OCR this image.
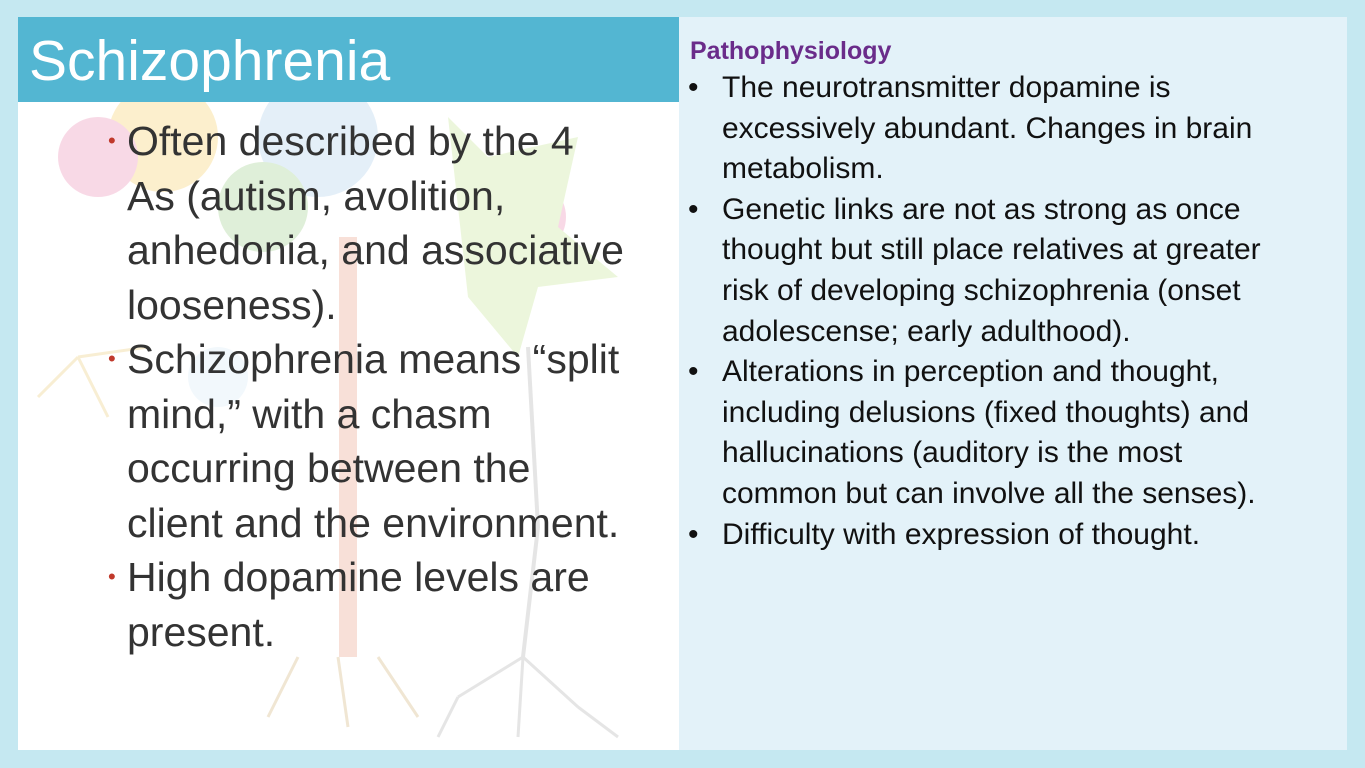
Schizophrenia
• Often described by the 4
As (autism, avolition,
anhedonia, and associative
looseness).
• Schizophrenia means “split
mind,” with a chasm
occurring between the
client and the environment.
• High dopamine levels are
present.
Pathophysiology
• The neurotransmitter dopamine is
excessively abundant. Changes in brain
metabolism.
• Genetic links are not as strong as once
thought but still place relatives at greater
risk of developing schizophrenia (onset
adolescense; early adulthood).
• Alterations in perception and thought,
including delusions (fixed thoughts) and
hallucinations (auditory is the most
common but can involve all the senses).
• Difficulty with expression of thought.
